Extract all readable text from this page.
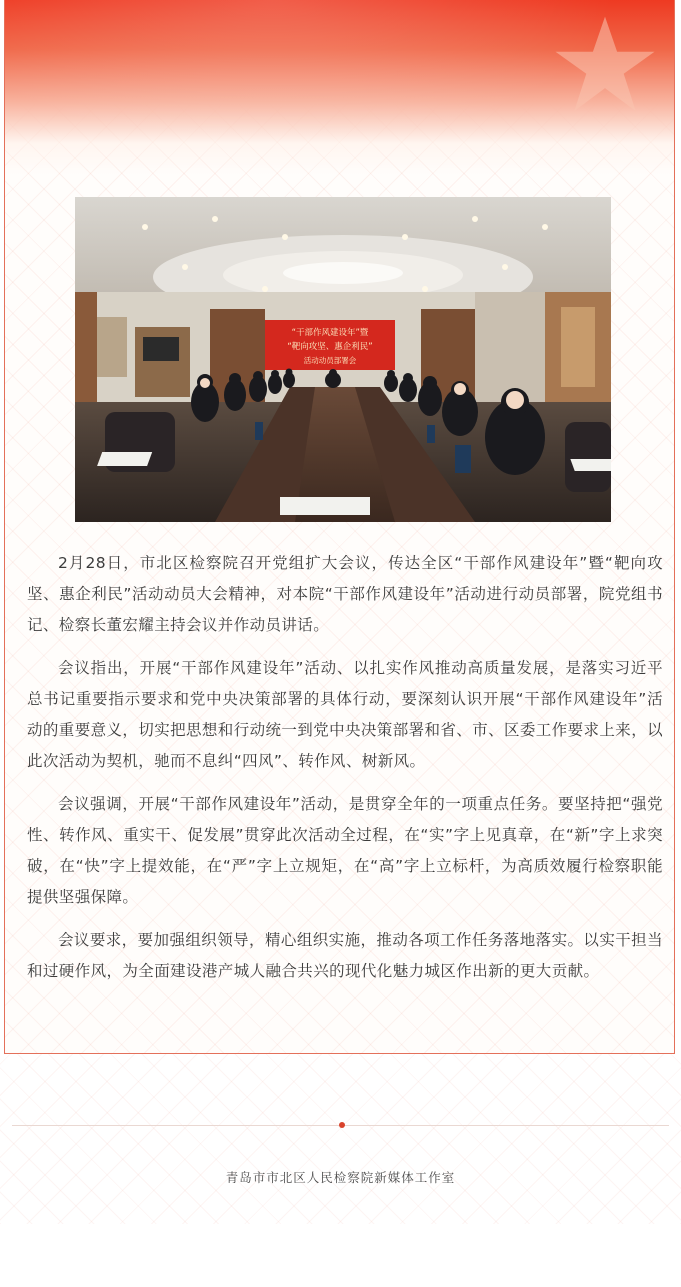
“干部作风建设年”暨
“靶向攻坚、惠企利民”
活动动员部署会

2月28日，市北区检察院召开党组扩大会议，传达全区“干部作风建设年”暨“靶向攻坚、惠企利民”活动动员大会精神，对本院“干部作风建设年”活动进行动员部署，院党组书记、检察长董宏耀主持会议并作动员讲话。

会议指出，开展“干部作风建设年”活动、以扎实作风推动高质量发展，是落实习近平总书记重要指示要求和党中央决策部署的具体行动，要深刻认识开展“干部作风建设年”活动的重要意义，切实把思想和行动统一到党中央决策部署和省、市、区委工作要求上来，以此次活动为契机，驰而不息纠“四风”、转作风、树新风。

会议强调，开展“干部作风建设年”活动，是贯穿全年的一项重点任务。要坚持把“强党性、转作风、重实干、促发展”贯穿此次活动全过程，在“实”字上见真章，在“新”字上求突破，在“快”字上提效能，在“严”字上立规矩，在“高”字上立标杆，为高质效履行检察职能提供坚强保障。

会议要求，要加强组织领导，精心组织实施，推动各项工作任务落地落实。以实干担当和过硬作风，为全面建设港产城人融合共兴的现代化魅力城区作出新的更大贡献。

青岛市市北区人民检察院新媒体工作室
